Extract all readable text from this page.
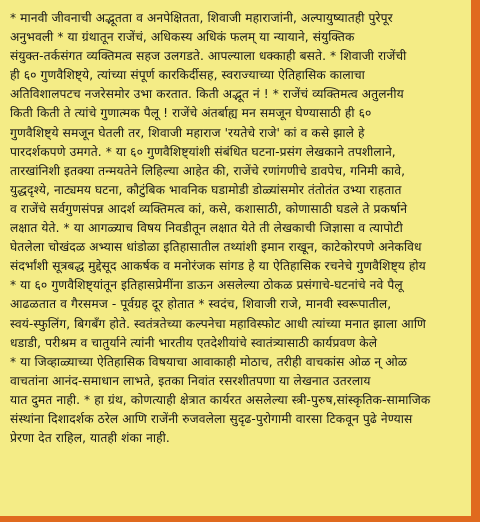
* मानवी जीवनाची अद्भूतता व अनपेक्षितता, शिवाजी महाराजांनी, अल्पायुष्यातही पुरेपूर
अनुभवली * या ग्रंथातून राजेंचं, अधिकस्य अधिकं फलम् या न्यायाने, संयुक्तिक
संयुक्त-तर्कसंगत व्यक्तिमत्व सहज उलगडते. आपल्याला धक्काही बसते. * शिवाजी राजेंची
ही ६० गुणवैशिष्ट्ये, त्यांच्या संपूर्ण कारकिर्दीसह, स्वराज्याच्या ऐतिहासिक कालाचा
अतिविशालपटच नजरेसमोर उभा करतात. किती अद्भूत नं ! * राजेंचं व्यक्तिमत्व अतुलनीय
किती किती ते त्यांचे गुणात्मक पैलू ! राजेंचे अंतर्बाह्य मन समजून घेण्यासाठी ही ६०
गुणवैशिष्ट्ये समजून घेतली तर, शिवाजी महाराज 'रयतेचे राजे' कां व कसे झाले हे
पारदर्शकपणे उमगते. * या ६० गुणवैशिष्ट्यांशी संबंधित घटना-प्रसंग लेखकाने तपशीलाने,
तारखांनिशी इतक्या तन्मयतेने लिहिल्या आहेत की, राजेंचे रणांगणीचे डावपेच, गनिमी कावे,
युद्धदृश्ये, नाट्यमय घटना, कौटुंबिक भावनिक घडामोडी डोळ्यांसमोर तंतोतंत उभ्या राहतात
व राजेंचे सर्वगुणसंपन्न आदर्श व्यक्तिमत्व कां, कसे, कशासाठी, कोणासाठी घडले ते प्रकर्षाने
लक्षात येते. * या आगळ्याच विषय निवडीतून लक्षात येते ती लेखकाची जिज्ञासा व त्यापोटी
घेतलेला चोखंदळ अभ्यास धांडोळा इतिहासातील तथ्यांशी इमान राखून, काटेकोरपणे अनेकविध
संदर्भांशी सूत्रबद्ध मुद्देसूद आकर्षक व मनोरंजक सांगड हे या ऐतिहासिक रचनेचे गुणवैशिष्ट्य होय
* या ६० गुणवैशिष्ट्यांतून इतिहासप्रेमींना डाऊन असलेल्या ठोकळ प्रसंगाचे-घटनांचे नवे पैलू
आढळतात व गैरसमज - पूर्वग्रह दूर होतात * स्वदंच, शिवाजी राजे, मानवी स्वरूपातील,
स्वयं-स्फुलिंग, बिगबँग होते. स्वतंत्रतेच्या कल्पनेचा महाविस्फोट आधी त्यांच्या मनात झाला आणि
धडाडी, परीश्रम व चातुर्याने त्यांनी भारतीय एतदेशीयांचे स्वातंत्र्यासाठी कार्यप्रवण केले
* या जिव्हाळ्याच्या ऐतिहासिक विषयाचा आवाकाही मोठाच, तरीही वाचकांस ओळ न् ओळ
वाचतांना आनंद-समाधान लाभते, इतका निवांत रसरशीतपणा या लेखनात उतरलाय
यात दुमत नाही. * हा ग्रंथ, कोणत्याही क्षेत्रात कार्यरत असलेल्या स्त्री-पुरुष,सांस्कृतिक-सामाजिक
संस्थांना दिशादर्शक ठरेल आणि राजेंनी रुजवलेला सुदृढ-पुरोगामी वारसा टिकवून पुढे नेण्यास
प्रेरणा देत राहिल, यातही शंका नाही.
